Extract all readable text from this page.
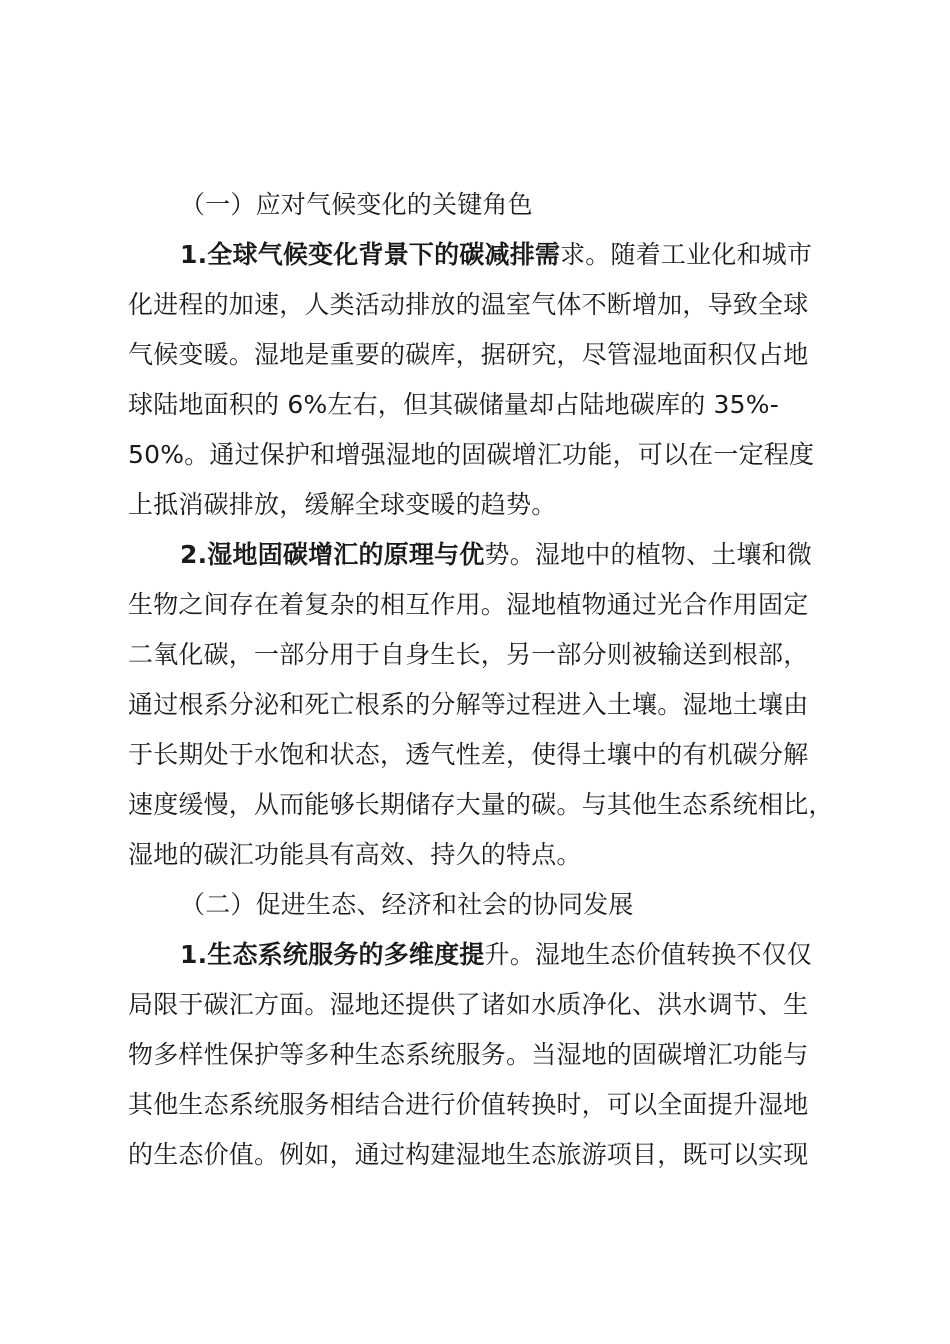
（一）应对气候变化的关键角色
1.全球气候变化背景下的碳减排需求。随着工业化和城市
化进程的加速，人类活动排放的温室气体不断增加，导致全球
气候变暖。湿地是重要的碳库，据研究，尽管湿地面积仅占地
球陆地面积的 6%左右，但其碳储量却占陆地碳库的 35%-
50%。通过保护和增强湿地的固碳增汇功能，可以在一定程度
上抵消碳排放，缓解全球变暖的趋势。
2.湿地固碳增汇的原理与优势。湿地中的植物、土壤和微
生物之间存在着复杂的相互作用。湿地植物通过光合作用固定
二氧化碳，一部分用于自身生长，另一部分则被输送到根部，
通过根系分泌和死亡根系的分解等过程进入土壤。湿地土壤由
于长期处于水饱和状态，透气性差，使得土壤中的有机碳分解
速度缓慢，从而能够长期储存大量的碳。与其他生态系统相比，
湿地的碳汇功能具有高效、持久的特点。
（二）促进生态、经济和社会的协同发展
1.生态系统服务的多维度提升。湿地生态价值转换不仅仅
局限于碳汇方面。湿地还提供了诸如水质净化、洪水调节、生
物多样性保护等多种生态系统服务。当湿地的固碳增汇功能与
其他生态系统服务相结合进行价值转换时，可以全面提升湿地
的生态价值。例如，通过构建湿地生态旅游项目，既可以实现
